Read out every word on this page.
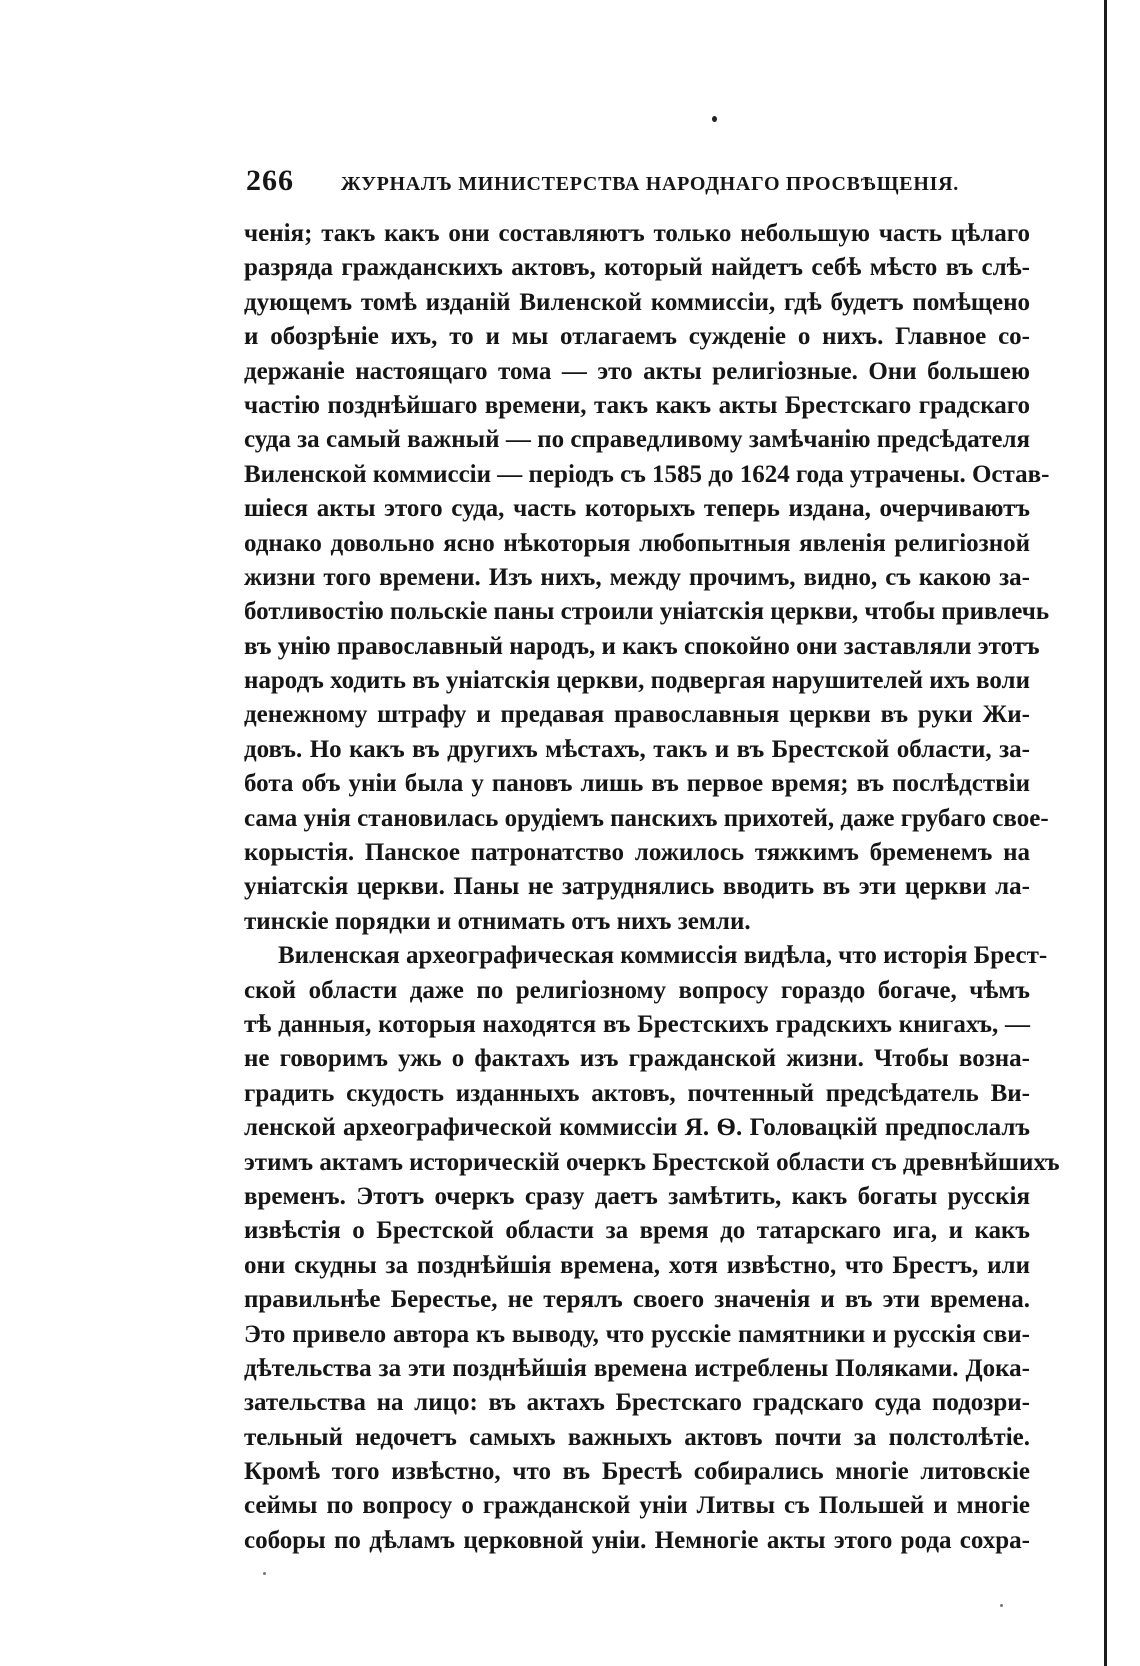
266 ЖУРНАЛЪ МИНИСТЕРСТВА НАРОДНАГО ПРОСВѢЩЕНІЯ.
ченія; такъ какъ они составляютъ только небольшую часть цѣлаго
разряда гражданскихъ актовъ, который найдетъ себѣ мѣсто въ слѣ-
дующемъ томѣ изданій Виленской коммиссіи, гдѣ будетъ помѣщено
и обозрѣніе ихъ, то и мы отлагаемъ сужденіе о нихъ. Главное со-
держаніе настоящаго тома — это акты религіозные. Они большею
частію позднѣйшаго времени, такъ какъ акты Брестскаго градскаго
суда за самый важный — по справедливому замѣчанію предсѣдателя
Виленской коммиссіи — періодъ съ 1585 до 1624 года утрачены. Остав-
шіеся акты этого суда, часть которыхъ теперь издана, очерчиваютъ
однако довольно ясно нѣкоторыя любопытныя явленія религіозной
жизни того времени. Изъ нихъ, между прочимъ, видно, съ какою за-
ботливостію польскіе паны строили уніатскія церкви, чтобы привлечь
въ унію православный народъ, и какъ спокойно они заставляли этотъ
народъ ходить въ уніатскія церкви, подвергая нарушителей ихъ воли
денежному штрафу и предавая православныя церкви въ руки Жи-
довъ. Но какъ въ другихъ мѣстахъ, такъ и въ Брестской области, за-
бота объ уніи была у пановъ лишь въ первое время; въ послѣдствіи
сама унія становилась орудіемъ панскихъ прихотей, даже грубаго свое-
корыстія. Панское патронатство ложилось тяжкимъ бременемъ на
уніатскія церкви. Паны не затруднялись вводить въ эти церкви ла-
тинскіе порядки и отнимать отъ нихъ земли.
Виленская археографическая коммиссія видѣла, что исторія Брест-
ской области даже по религіозному вопросу гораздо богаче, чѣмъ
тѣ данныя, которыя находятся въ Брестскихъ градскихъ книгахъ, —
не говоримъ ужь о фактахъ изъ гражданской жизни. Чтобы возна-
градить скудость изданныхъ актовъ, почтенный предсѣдатель Ви-
ленской археографической коммиссіи Я. Ѳ. Головацкій предпослалъ
этимъ актамъ историческій очеркъ Брестской области съ древнѣйшихъ
временъ. Этотъ очеркъ сразу даетъ замѣтить, какъ богаты русскія
извѣстія о Брестской области за время до татарскаго ига, и какъ
они скудны за позднѣйшія времена, хотя извѣстно, что Брестъ, или
правильнѣе Берестье, не терялъ своего значенія и въ эти времена.
Это привело автора къ выводу, что русскіе памятники и русскія сви-
дѣтельства за эти позднѣйшія времена истреблены Поляками. Дока-
зательства на лицо: въ актахъ Брестскаго градскаго суда подозри-
тельный недочетъ самыхъ важныхъ актовъ почти за полстолѣтіе.
Кромѣ того извѣстно, что въ Брестѣ собирались многіе литовскіе
сеймы по вопросу о гражданской уніи Литвы съ Польшей и многіе
соборы по дѣламъ церковной уніи. Немногіе акты этого рода сохра-
